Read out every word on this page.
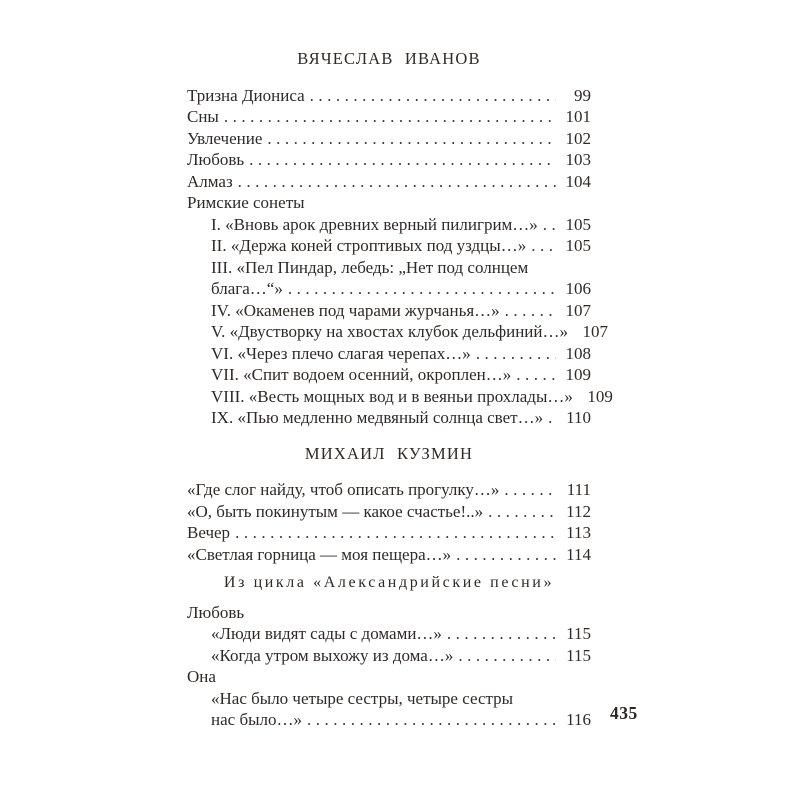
ВЯЧЕСЛАВ ИВАНОВ
Тризна Диониса .....	99
Сны .....	101
Увлечение .....	102
Любовь .....	103
Алмаз .....	104
Римские сонеты
I. «Вновь арок древних верный пилигрим…» ..... 105
II. «Держа коней строптивых под уздцы…» ..... 105
III. «Пел Пиндар, лебедь: „Нет под солнцем
блага…“» .....	106
IV. «Окаменев под чарами журчанья…» .....	107
V. «Двустворку на хвостах клубок дельфиний…» 107
VI. «Через плечо слагая черепах…» .....	108
VII. «Спит водоем осенний, окроплен…» .....	109
VIII. «Весть мощных вод и в веяньи прохлады…» 109
IX. «Пью медленно медвяный солнца свет…» ..... 110
МИХАИЛ КУЗМИН
«Где слог найду, чтоб описать прогулку…» .....	111
«О, быть покинутым — какое счастье!..» .....	112
Вечер .....	113
«Светлая горница — моя пещера…» .....	114
Из цикла «Александрийские песни»
Любовь
«Люди видят сады с домами…» .....	115
«Когда утром выхожу из дома…» .....	115
Она
«Нас было четыре сестры, четыре сестры
нас было…» .....	116 435
